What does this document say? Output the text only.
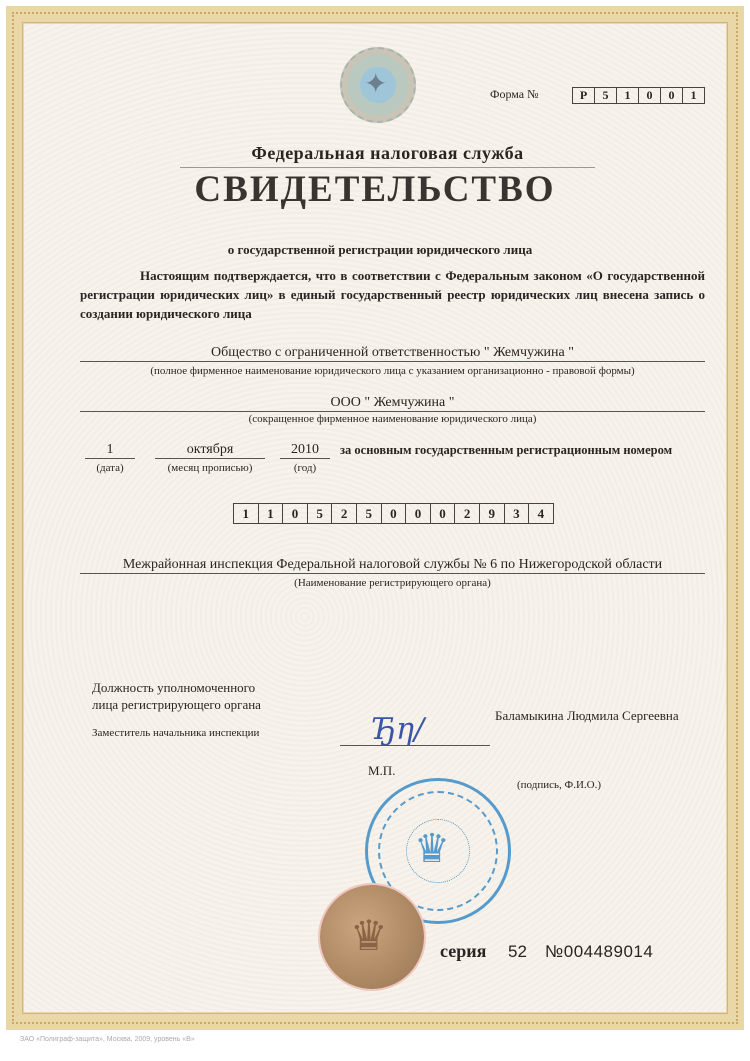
✦	Форма №	Р	5	1	0	0	1
Федеральная налоговая служба
СВИДЕТЕЛЬСТВО
о государственной регистрации юридического лица
Настоящим подтверждается, что в соответствии с Федеральным законом «О государственной регистрации юридических лиц» в единый государственный реестр юридических лиц внесена запись о создании юридического лица
Общество с ограниченной ответственностью " Жемчужина "
(полное фирменное наименование юридического лица с указанием организационно - правовой формы)
ООО " Жемчужина "
(сокращенное фирменное наименование юридического лица)
1
(дата)
октября
(месяц прописью)
2010
(год)
за основным государственным регистрационным номером
1	1	0	5	2	5	0	0	0	2	9	3	4
Межрайонная инспекция Федеральной налоговой службы № 6 по Нижегородской области
(Наименование регистрирующего органа)
Должность уполномоченного
лица регистрирующего органа
Заместитель начальника инспекции
Баламыкина Людмила Сергеевна
Ђη/
М.П.
(подпись, Ф.И.О.)
♛
♛	серия 52 №004489014
ЗАО «Полиграф-защита», Москва, 2009, уровень «В»
